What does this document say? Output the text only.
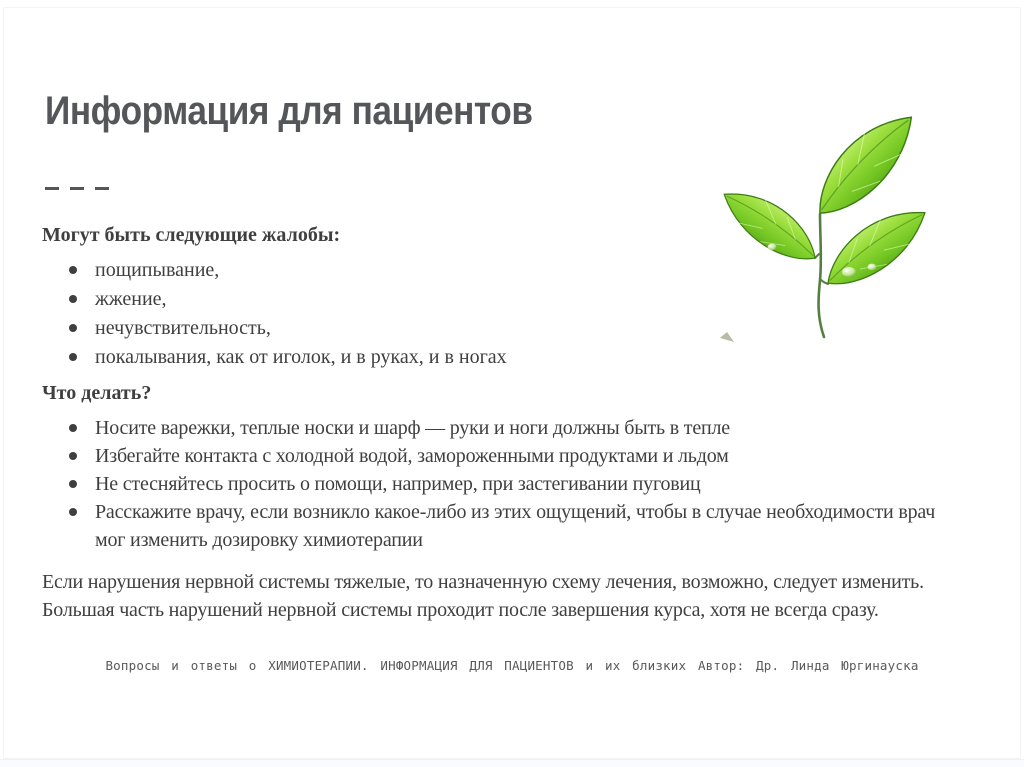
Информация для пациентов

Могут быть следующие жалобы:

пощипывание,
жжение,
нечувствительность,
покалывания, как от иголок, и в руках, и в ногах

Что делать?

Носите варежки, теплые носки и шарф — руки и ноги должны быть в тепле
Избегайте контакта с холодной водой, замороженными продуктами и льдом
Не стесняйтесь просить о помощи, например, при застегивании пуговиц
Расскажите врачу, если возникло какое-либо из этих ощущений, чтобы в случае необходимости врач мог изменить дозировку химиотерапии

Если нарушения нервной системы тяжелые, то назначенную схему лечения, возможно, следует изменить. Большая часть нарушений нервной системы проходит после завершения курса, хотя не всегда сразу.

Вопросы и ответы о ХИМИОТЕРАПИИ. ИНФОРМАЦИЯ ДЛЯ ПАЦИЕНТОВ и их близких Автор: Др. Линда Юргинауска
